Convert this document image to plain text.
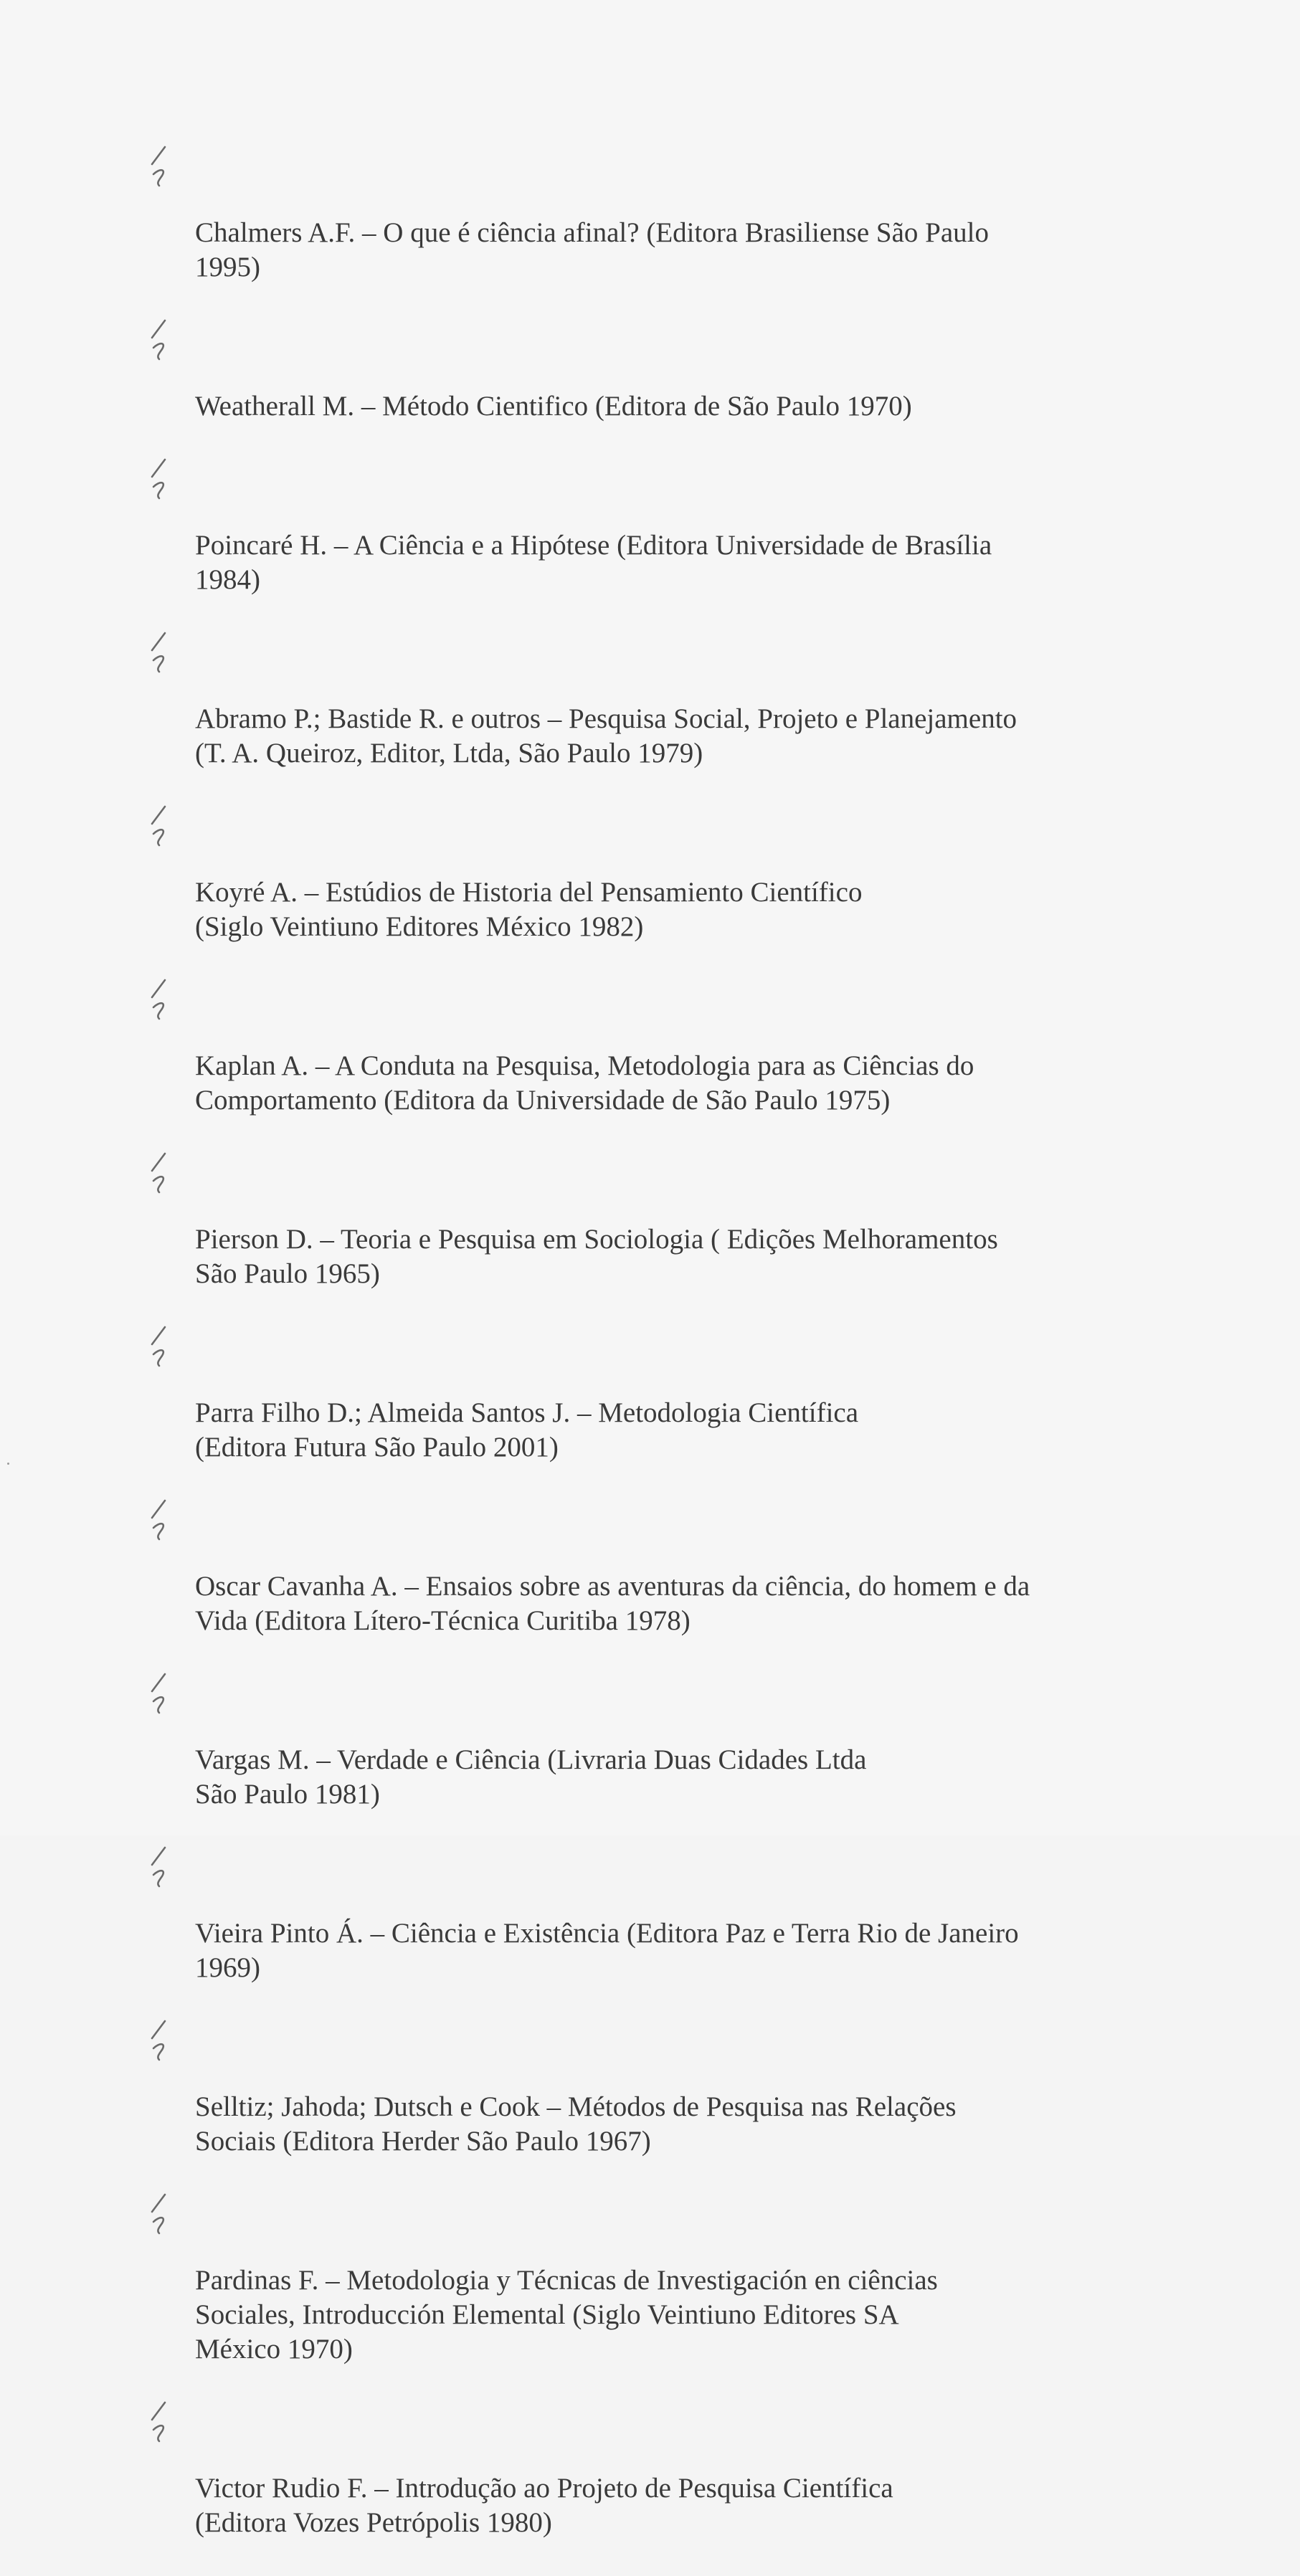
Chalmers A.F. – O que é ciência afinal? (Editora Brasiliense São Paulo
1995)

Weatherall M. – Método Cientifico (Editora de São Paulo 1970)

Poincaré H. – A Ciência e a Hipótese (Editora Universidade de Brasília
1984)

Abramo P.; Bastide R. e outros – Pesquisa Social, Projeto e Planejamento
(T. A. Queiroz, Editor, Ltda, São Paulo 1979)

Koyré A. – Estúdios de Historia del Pensamiento Científico
(Siglo Veintiuno Editores México 1982)

Kaplan A. – A Conduta na Pesquisa, Metodologia para as Ciências do
Comportamento (Editora da Universidade de São Paulo 1975)

Pierson D. – Teoria e Pesquisa em Sociologia ( Edições Melhoramentos
São Paulo 1965)

Parra Filho D.; Almeida Santos J. – Metodologia Científica
(Editora Futura São Paulo 2001)

Oscar Cavanha A. – Ensaios sobre as aventuras da ciência, do homem e da
Vida (Editora Lítero-Técnica Curitiba 1978)

Vargas M. – Verdade e Ciência (Livraria Duas Cidades Ltda
São Paulo 1981)

Vieira Pinto Á. – Ciência e Existência (Editora Paz e Terra Rio de Janeiro
1969)

Selltiz; Jahoda; Dutsch e Cook – Métodos de Pesquisa nas Relações
Sociais (Editora Herder São Paulo 1967)

Pardinas F. – Metodologia y Técnicas de Investigación en ciências
Sociales, Introducción Elemental (Siglo Veintiuno Editores SA
México 1970)

Victor Rudio F. – Introdução ao Projeto de Pesquisa Científica
(Editora Vozes Petrópolis 1980)
